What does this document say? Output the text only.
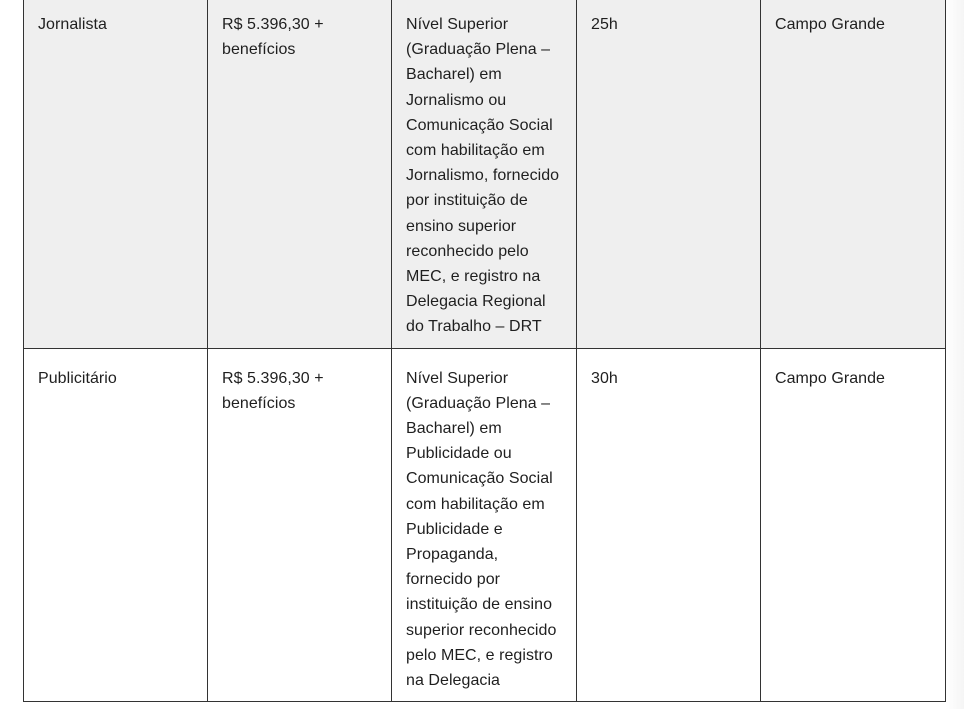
Jornalista	R$ 5.396,30 + benefícios	Nível Superior (Graduação Plena – Bacharel) em Jornalismo ou Comunicação Social com habilitação em Jornalismo, fornecido por instituição de ensino superior reconhecido pelo MEC, e registro na Delegacia Regional do Trabalho – DRT	25h	Campo Grande
Publicitário	R$ 5.396,30 + benefícios	Nível Superior (Graduação Plena – Bacharel) em Publicidade ou Comunicação Social com habilitação em Publicidade e Propaganda, fornecido por instituição de ensino superior reconhecido pelo MEC, e registro na Delegacia	30h	Campo Grande
